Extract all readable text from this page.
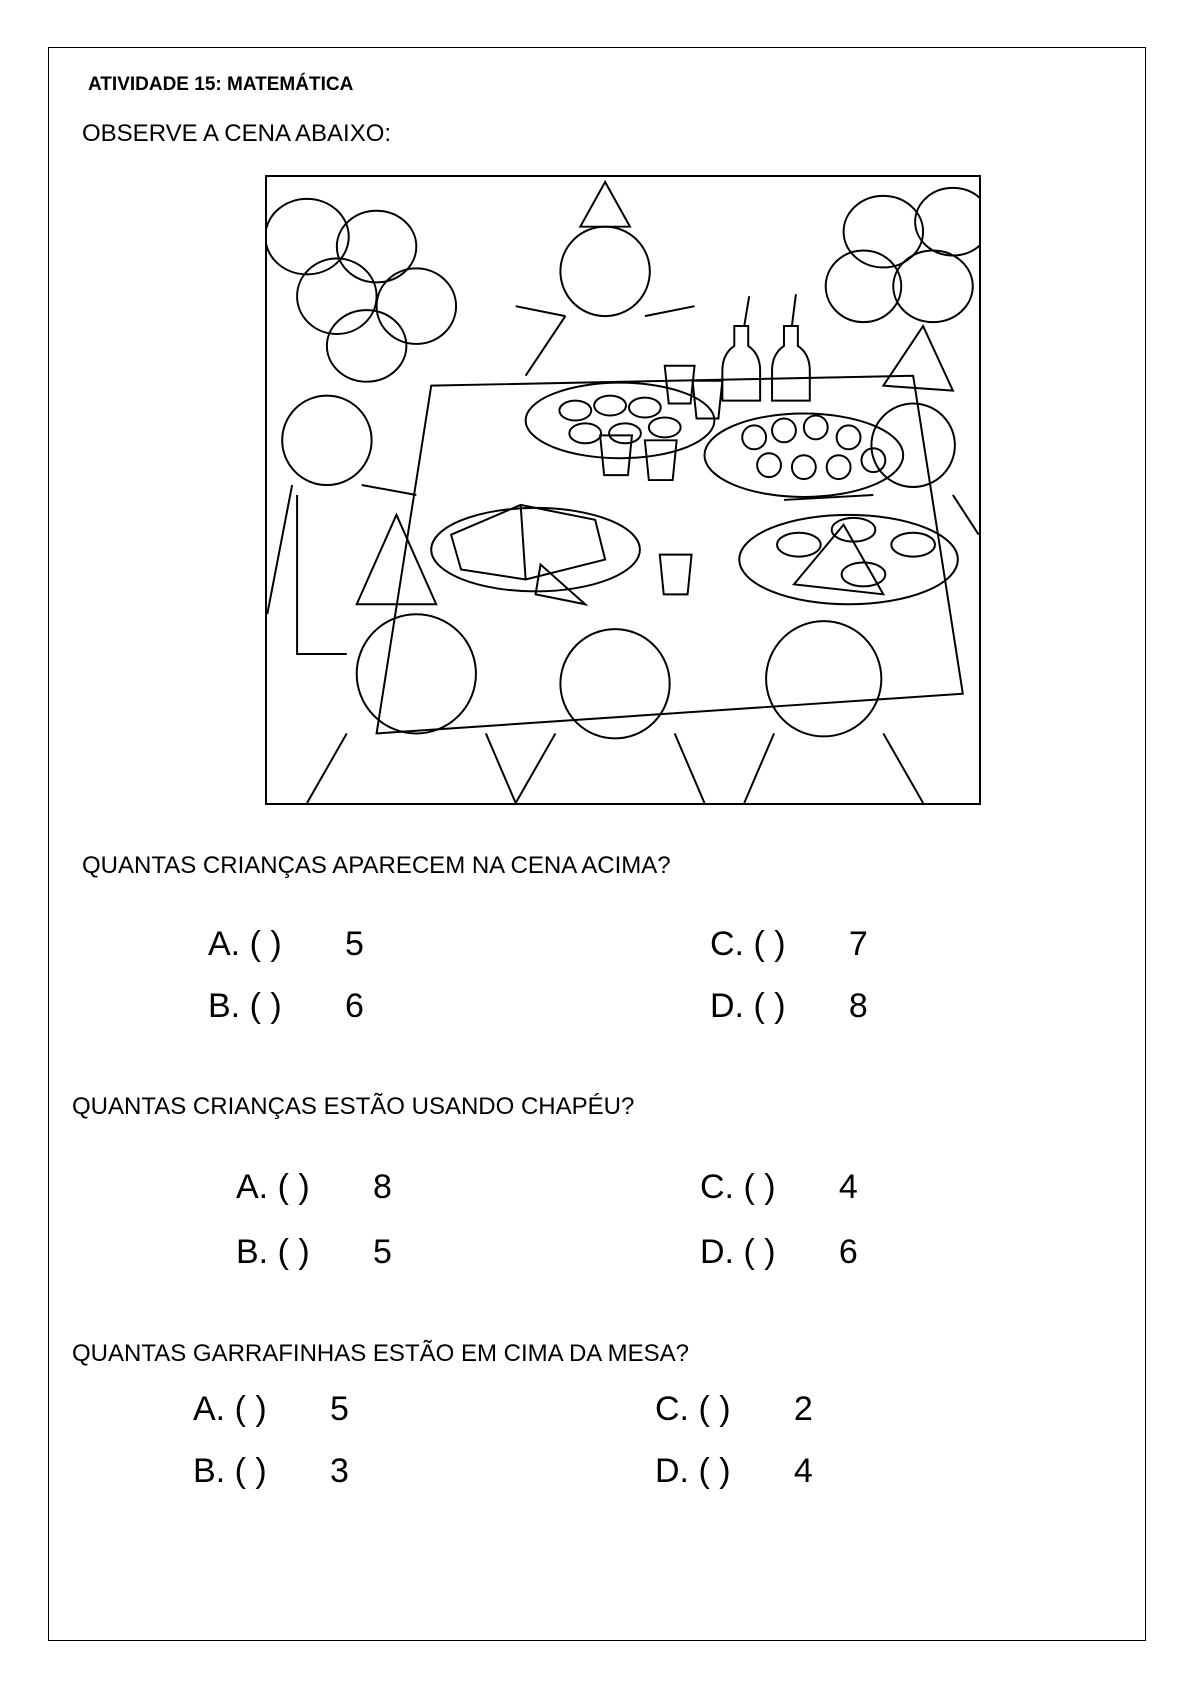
ATIVIDADE 15: MATEMÁTICA

OBSERVE A CENA ABAIXO:

QUANTAS CRIANÇAS APARECEM NA CENA ACIMA?

A. ( ) 5
B. ( ) 6
C. ( ) 7
D. ( ) 8

QUANTAS CRIANÇAS ESTÃO USANDO CHAPÉU?

A. ( ) 8
B. ( ) 5
C. ( ) 4
D. ( ) 6

QUANTAS GARRAFINHAS ESTÃO EM CIMA DA MESA?

A. ( ) 5
B. ( ) 3
C. ( ) 2
D. ( ) 4
